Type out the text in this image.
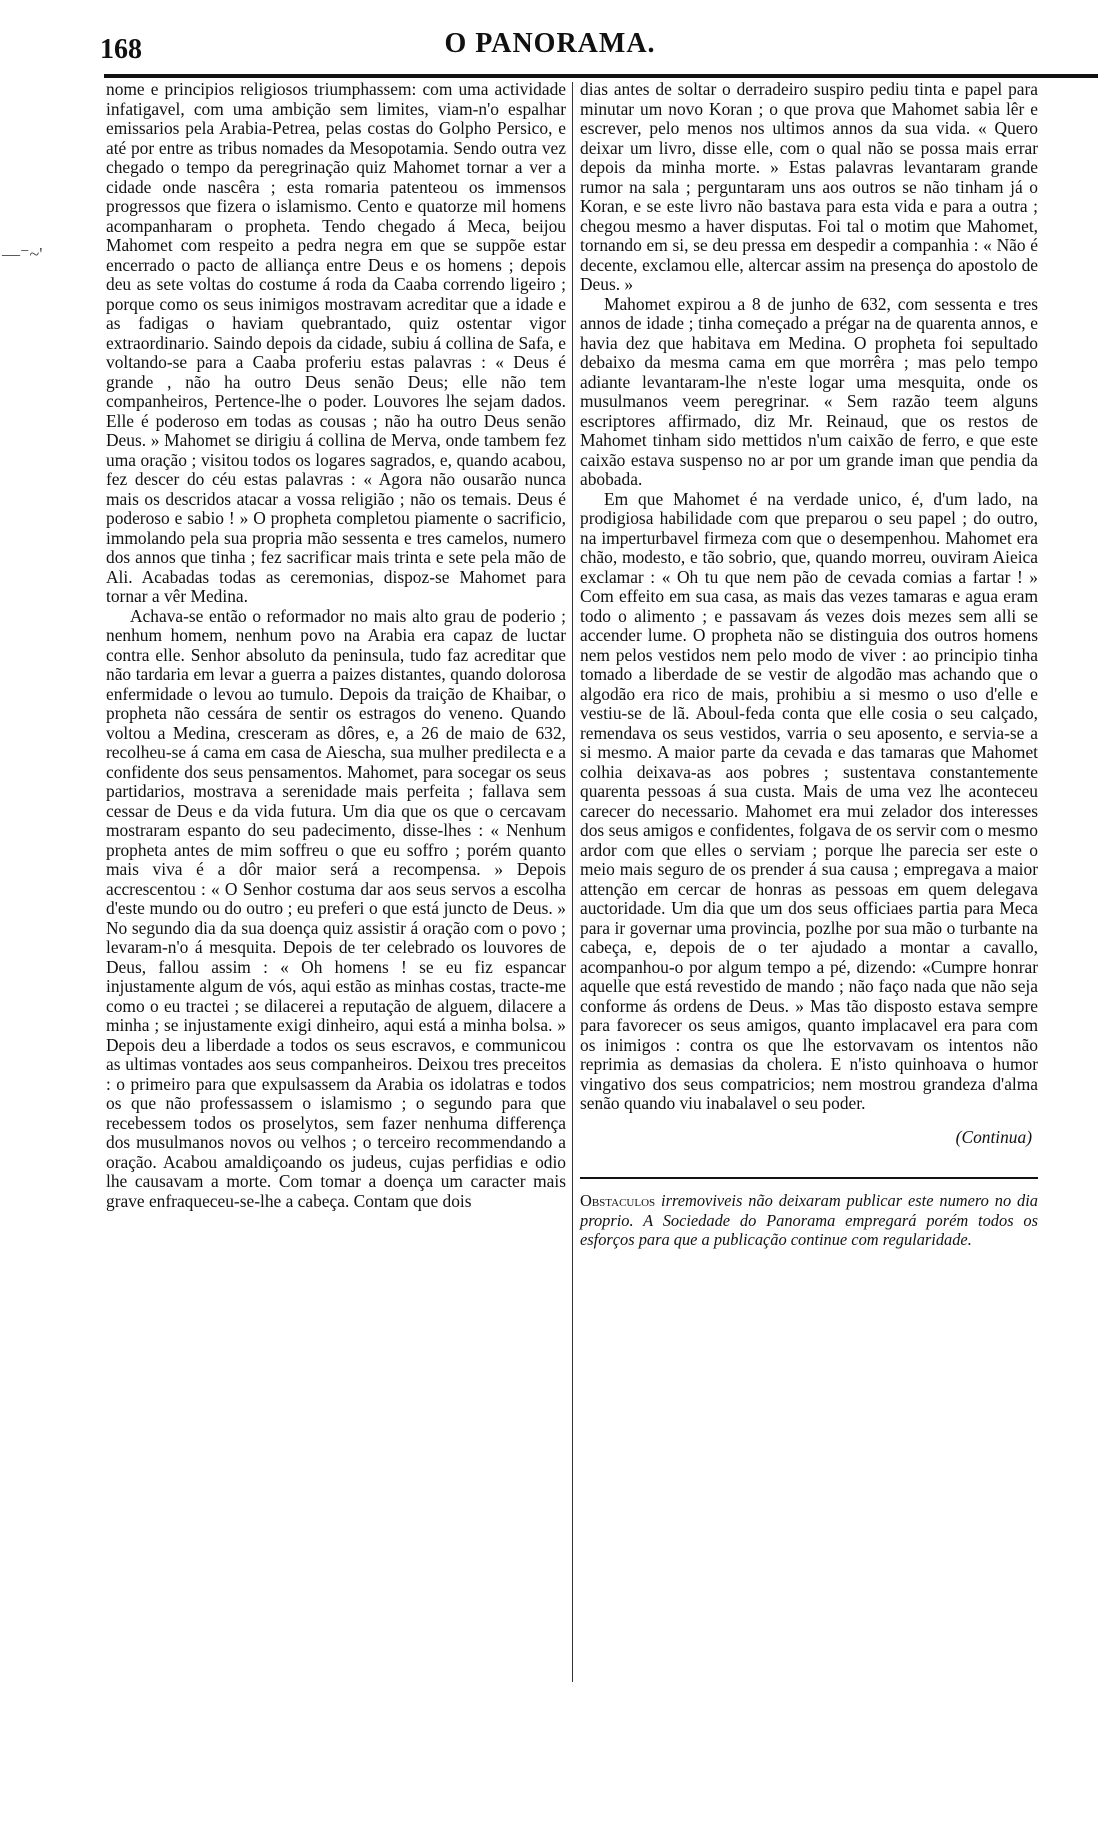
168	O PANORAMA.
—⁻~'

nome e principios religiosos triumphassem: com uma actividade infatigavel, com uma ambição sem limites, viam-n'o espalhar emissarios pela Arabia-Petrea, pelas costas do Golpho Persico, e até por entre as tribus nomades da Mesopotamia. Sendo outra vez chegado o tempo da peregrinação quiz Mahomet tornar a ver a cidade onde nascêra ; esta romaria patenteou os immensos progressos que fizera o islamismo. Cento e quatorze mil homens acompanharam o propheta. Tendo chegado á Meca, beijou Mahomet com respeito a pedra negra em que se suppõe estar encerrado o pacto de alliança entre Deus e os homens ; depois deu as sete voltas do costume á roda da Caaba correndo ligeiro ; porque como os seus inimigos mostravam acreditar que a idade e as fadigas o haviam quebrantado, quiz ostentar vigor extraordinario. Saindo depois da cidade, subiu á collina de Safa, e voltando-se para a Caaba proferiu estas palavras : « Deus é grande , não ha outro Deus senão Deus; elle não tem companheiros, Pertence-lhe o poder. Louvores lhe sejam dados. Elle é poderoso em todas as cousas ; não ha outro Deus senão Deus. » Mahomet se dirigiu á collina de Merva, onde tambem fez uma oração ; visitou todos os logares sagrados, e, quando acabou, fez descer do céu estas palavras : « Agora não ousarão nunca mais os descridos atacar a vossa religião ; não os temais. Deus é poderoso e sabio ! » O propheta completou piamente o sacrificio, immolando pela sua propria mão sessenta e tres camelos, numero dos annos que tinha ; fez sacrificar mais trinta e sete pela mão de Ali. Acabadas todas as ceremonias, dispoz-se Mahomet para tornar a vêr Medina.

Achava-se então o reformador no mais alto grau de poderio ; nenhum homem, nenhum povo na Arabia era capaz de luctar contra elle. Senhor absoluto da peninsula, tudo faz acreditar que não tardaria em levar a guerra a paizes distantes, quando dolorosa enfermidade o levou ao tumulo. Depois da traição de Khaibar, o propheta não cessára de sentir os estragos do veneno. Quando voltou a Medina, cresceram as dôres, e, a 26 de maio de 632, recolheu-se á cama em casa de Aiescha, sua mulher predilecta e a confidente dos seus pensamentos. Mahomet, para socegar os seus partidarios, mostrava a serenidade mais perfeita ; fallava sem cessar de Deus e da vida futura. Um dia que os que o cercavam mostraram espanto do seu padecimento, disse-lhes : « Nenhum propheta antes de mim soffreu o que eu soffro ; porém quanto mais viva é a dôr maior será a recompensa. » Depois accrescentou : « O Senhor costuma dar aos seus servos a escolha d'este mundo ou do outro ; eu preferi o que está juncto de Deus. » No segundo dia da sua doença quiz assistir á oração com o povo ; levaram-n'o á mesquita. Depois de ter celebrado os louvores de Deus, fallou assim : « Oh homens ! se eu fiz espancar injustamente algum de vós, aqui estão as minhas costas, tracte-me como o eu tractei ; se dilacerei a reputação de alguem, dilacere a minha ; se injustamente exigi dinheiro, aqui está a minha bolsa. » Depois deu a liberdade a todos os seus escravos, e communicou as ultimas vontades aos seus companheiros. Deixou tres preceitos : o primeiro para que expulsassem da Arabia os idolatras e todos os que não professassem o islamismo ; o segundo para que recebessem todos os proselytos, sem fazer nenhuma differença dos musulmanos novos ou velhos ; o terceiro recommendando a oração. Acabou amaldiçoando os judeus, cujas perfidias e odio lhe causavam a morte. Com tomar a doença um caracter mais grave enfraqueceu-se-lhe a cabeça. Contam que dois

dias antes de soltar o derradeiro suspiro pediu tinta e papel para minutar um novo Koran ; o que prova que Mahomet sabia lêr e escrever, pelo menos nos ultimos annos da sua vida. « Quero deixar um livro, disse elle, com o qual não se possa mais errar depois da minha morte. » Estas palavras levantaram grande rumor na sala ; perguntaram uns aos outros se não tinham já o Koran, e se este livro não bastava para esta vida e para a outra ; chegou mesmo a haver disputas. Foi tal o motim que Mahomet, tornando em si, se deu pressa em despedir a companhia : « Não é decente, exclamou elle, altercar assim na presença do apostolo de Deus. »

Mahomet expirou a 8 de junho de 632, com sessenta e tres annos de idade ; tinha começado a prégar na de quarenta annos, e havia dez que habitava em Medina. O propheta foi sepultado debaixo da mesma cama em que morrêra ; mas pelo tempo adiante levantaram-lhe n'este logar uma mesquita, onde os musulmanos veem peregrinar. « Sem razão teem alguns escriptores affirmado, diz Mr. Reinaud, que os restos de Mahomet tinham sido mettidos n'um caixão de ferro, e que este caixão estava suspenso no ar por um grande iman que pendia da abobada.

Em que Mahomet é na verdade unico, é, d'um lado, na prodigiosa habilidade com que preparou o seu papel ; do outro, na imperturbavel firmeza com que o desempenhou. Mahomet era chão, modesto, e tão sobrio, que, quando morreu, ouviram Aieica exclamar : « Oh tu que nem pão de cevada comias a fartar ! » Com effeito em sua casa, as mais das vezes tamaras e agua eram todo o alimento ; e passavam ás vezes dois mezes sem alli se accender lume. O propheta não se distinguia dos outros homens nem pelos vestidos nem pelo modo de viver : ao principio tinha tomado a liberdade de se vestir de algodão mas achando que o algodão era rico de mais, prohibiu a si mesmo o uso d'elle e vestiu-se de lã. Aboul-feda conta que elle cosia o seu calçado, remendava os seus vestidos, varria o seu aposento, e servia-se a si mesmo. A maior parte da cevada e das tamaras que Mahomet colhia deixava-as aos pobres ; sustentava constantemente quarenta pessoas á sua custa. Mais de uma vez lhe aconteceu carecer do necessario. Mahomet era mui zelador dos interesses dos seus amigos e confidentes, folgava de os servir com o mesmo ardor com que elles o serviam ; porque lhe parecia ser este o meio mais seguro de os prender á sua causa ; empregava a maior attenção em cercar de honras as pessoas em quem delegava auctoridade. Um dia que um dos seus officiaes partia para Meca para ir governar uma provincia, pozlhe por sua mão o turbante na cabeça, e, depois de o ter ajudado a montar a cavallo, acompanhou-o por algum tempo a pé, dizendo: «Cumpre honrar aquelle que está revestido de mando ; não faço nada que não seja conforme ás ordens de Deus. » Mas tão disposto estava sempre para favorecer os seus amigos, quanto implacavel era para com os inimigos : contra os que lhe estorvavam os intentos não reprimia as demasias da cholera. E n'isto quinhoava o humor vingativo dos seus compatricios; nem mostrou grandeza d'alma senão quando viu inabalavel o seu poder.

(Continua)
Obstaculos irremoviveis não deixaram publicar este numero no dia proprio. A Sociedade do Panorama empregará porém todos os esforços para que a publicação continue com regularidade.
